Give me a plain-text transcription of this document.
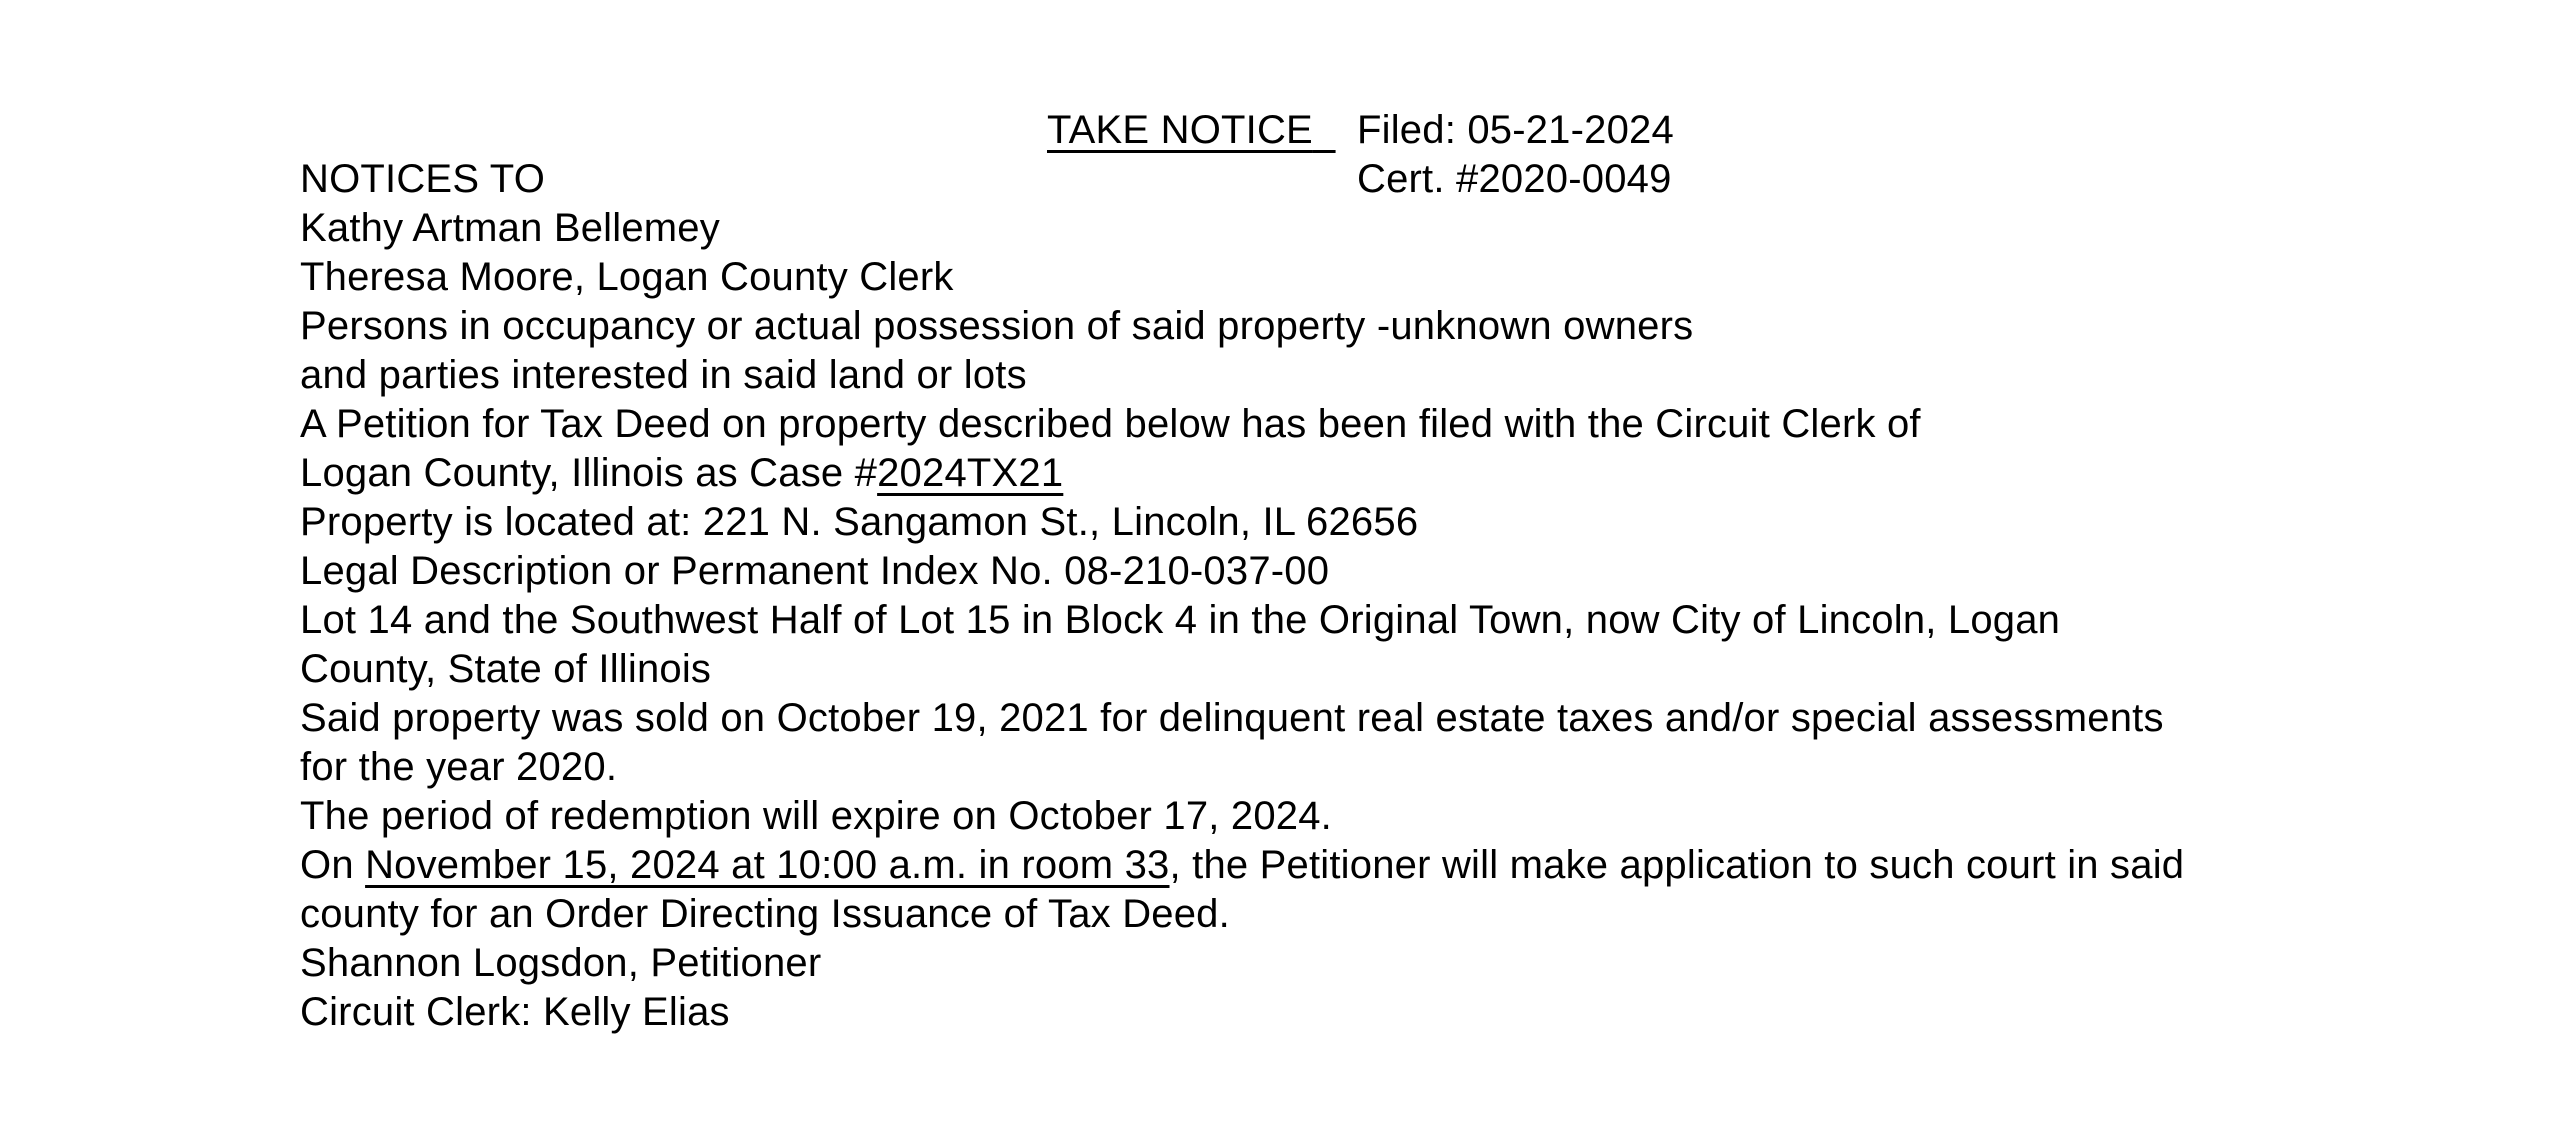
TAKE NOTICE Filed: 05-21-2024
NOTICES TO	Cert. #2020-0049
Kathy Artman Bellemey
Theresa Moore, Logan County Clerk
Persons in occupancy or actual possession of said property -unknown owners
and parties interested in said land or lots
A Petition for Tax Deed on property described below has been filed with the Circuit Clerk of
Logan County, Illinois as Case #2024TX21
Property is located at: 221 N. Sangamon St., Lincoln, IL 62656
Legal Description or Permanent Index No. 08-210-037-00
Lot 14 and the Southwest Half of Lot 15 in Block 4 in the Original Town, now City of Lincoln, Logan
County, State of Illinois
Said property was sold on October 19, 2021 for delinquent real estate taxes and/or special assessments
for the year 2020.
The period of redemption will expire on October 17, 2024.
On November 15, 2024 at 10:00 a.m. in room 33, the Petitioner will make application to such court in said
county for an Order Directing Issuance of Tax Deed.
Shannon Logsdon, Petitioner
Circuit Clerk: Kelly Elias
